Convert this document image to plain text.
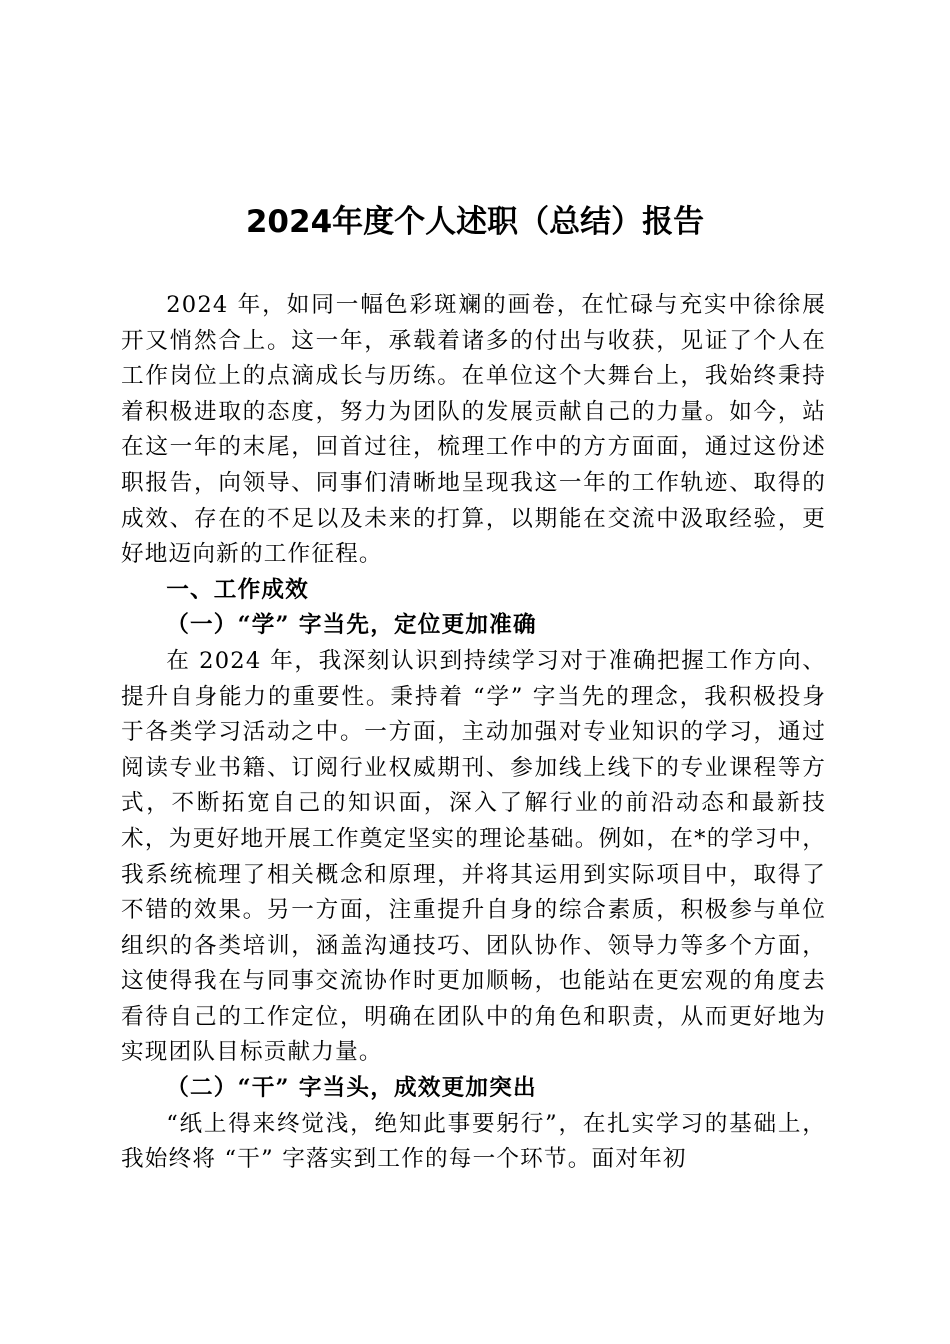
2024年度个人述职（总结）报告

2024 年，如同一幅色彩斑斓的画卷，在忙碌与充实中徐徐展开又悄然合上。这一年，承载着诸多的付出与收获，见证了个人在工作岗位上的点滴成长与历练。在单位这个大舞台上，我始终秉持着积极进取的态度，努力为团队的发展贡献自己的力量。如今，站在这一年的末尾，回首过往，梳理工作中的方方面面，通过这份述职报告，向领导、同事们清晰地呈现我这一年的工作轨迹、取得的成效、存在的不足以及未来的打算，以期能在交流中汲取经验，更好地迈向新的工作征程。

一、工作成效

（一）“学” 字当先，定位更加准确

在 2024 年，我深刻认识到持续学习对于准确把握工作方向、提升自身能力的重要性。秉持着 “学” 字当先的理念，我积极投身于各类学习活动之中。一方面，主动加强对专业知识的学习，通过阅读专业书籍、订阅行业权威期刊、参加线上线下的专业课程等方式，不断拓宽自己的知识面，深入了解行业的前沿动态和最新技术，为更好地开展工作奠定坚实的理论基础。例如，在*的学习中，我系统梳理了相关概念和原理，并将其运用到实际项目中，取得了不错的效果。另一方面，注重提升自身的综合素质，积极参与单位组织的各类培训，涵盖沟通技巧、团队协作、领导力等多个方面，这使得我在与同事交流协作时更加顺畅，也能站在更宏观的角度去看待自己的工作定位，明确在团队中的角色和职责，从而更好地为实现团队目标贡献力量。

（二）“干” 字当头，成效更加突出

“纸上得来终觉浅，绝知此事要躬行”，在扎实学习的基础上，我始终将 “干” 字落实到工作的每一个环节。面对年初
